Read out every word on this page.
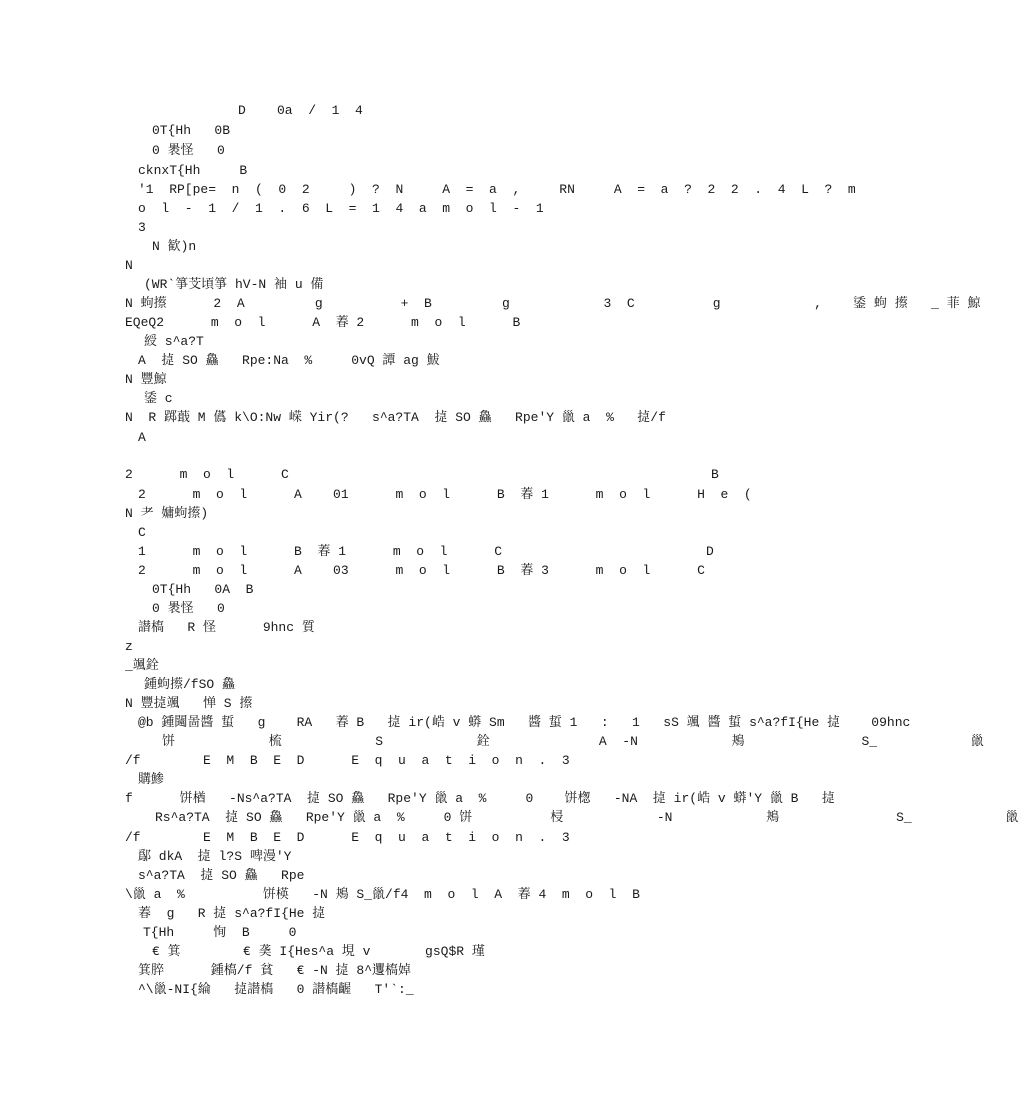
D    0a  /  1  4
0T{Hh   0B
0 褁怪   0
cknxT{Hh     B
'1  RP[pe=  n  (  0  2     )  ?  N     A  =  a  ,     RN     A  =  a  ?  2  2  .  4  L  ?  m
o  l  -  1  /  1  .  6  L  =  1  4  a  m  o  l  -  1
3
N 歓)n
N
(WR`箏芠頃箏 hV-N 袖 u 備
N 蚼攃      2  A         g          +  B         g            3  C          g            ,    鋈 蚼 攃   _ 菲 鯨
EQeQ2      m  o  l      A  萶 2      m  o  l      B
綬 s^a?T
A  㨗 SO 鱻   Rpe:Na  %     0vQ 譚 ag 鮁
N 豐鯨
鋈 c
N  R 踯蕺 M 儰 k\O:Nw 嵘 Yir(?   s^a?TA  㨗 SO 鱻   Rpe'Y 巤 a  %   㨗/f
A
2      m  o  l      C	B
2      m  o  l      A    01      m  o  l      B  萶 1      m  o  l      H  e  (
N 耂 嫞蚼攃)
C
1      m  o  l      B  萶 1      m  o  l      C	D
2      m  o  l      A    03      m  o  l      B  萶 3      m  o  l      C
0T{Hh   0A  B
0 褁怪   0
譛槗   R 怪      9hnc 質
z
_颯銓
鍾蚼攃/fSO 鱻
N 豐㨗颯   惮 S 攃
@b 鍾闧啚醬 蜇   g    RA   萶 B   㨗 ir(峼 v 蟒 Sm   醬 蜇 1   :   1   sS 颯 醬 蜇 s^a?fI{He 㨗    09hnc
饼            梳            S            銓              A  -N            鴂               S_            巤
/f        E  M  B  E  D      E  q  u  a  t  i  o  n  .  3
購鯵
f      饼楢   -Ns^a?TA  㨗 SO 鱻   Rpe'Y 巤 a  %     0    饼楤   -NA  㨗 ir(峼 v 蟒'Y 巤 B   㨗
Rs^a?TA  㨗 SO 鱻   Rpe'Y 巤 a  %     0 饼          梫            -N            鴂               S_            巤
/f        E  M  B  E  D      E  q  u  a  t  i  o  n  .  3
鄬 dkA  㨗 l?S 啤漫'Y
s^a?TA  㨗 SO 鱻   Rpe
\巤 a  %          饼楧   -N 鴂 S_巤/f4  m  o  l  A  萶 4  m  o  l  B
萶  g   R 㨗 s^a?fI{He 㨗
T{Hh     恂  B     0
€ 箕        € 䶮 I{Hes^a 垷 v       gsQ$R 瑾
箕脺      鍾槗/f 貧   € -N 㨗 8^䢲槗婥
^\巤-NI{綸   㨗譛槗   0 譛槗齷   T'`:_
